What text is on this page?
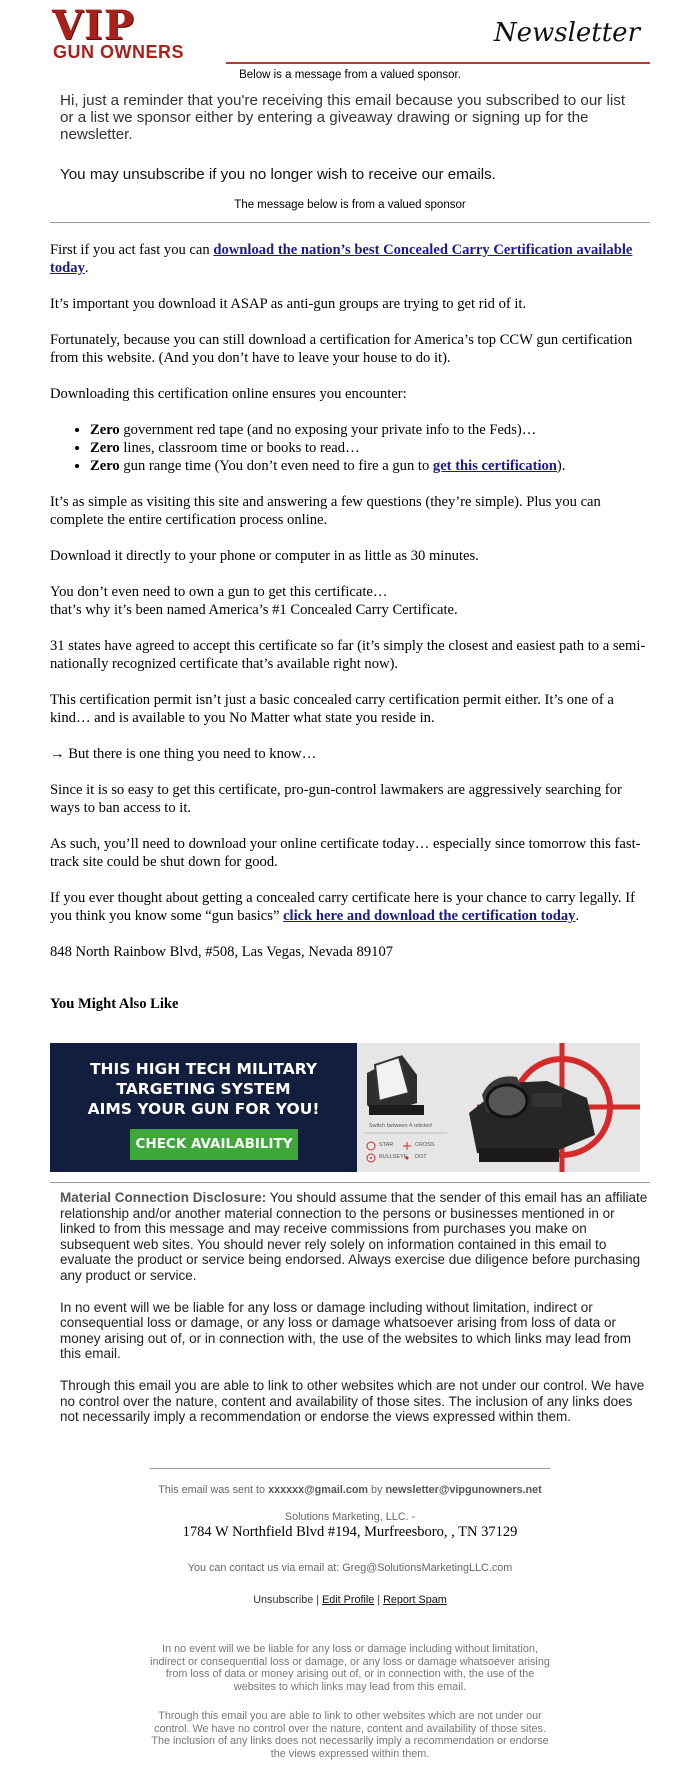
VIP
GUN OWNERS
Newsletter
Below is a message from a valued sponsor.
Hi, just a reminder that you're receiving this email because you subscribed to our list or a list we sponsor either by entering a giveaway drawing or signing up for the newsletter.
You may unsubscribe if you no longer wish to receive our emails.
The message below is from a valued sponsor

First if you act fast you can download the nation’s best Concealed Carry Certification available today.

It’s important you download it ASAP as anti-gun groups are trying to get rid of it.

Fortunately, because you can still download a certification for America’s top CCW gun certification from this website. (And you don’t have to leave your house to do it).

Downloading this certification online ensures you encounter:

• Zero government red tape (and no exposing your private info to the Feds)…
• Zero lines, classroom time or books to read…
• Zero gun range time (You don’t even need to fire a gun to get this certification).

It’s as simple as visiting this site and answering a few questions (they’re simple). Plus you can complete the entire certification process online.

Download it directly to your phone or computer in as little as 30 minutes.

You don’t even need to own a gun to get this certificate…
that’s why it’s been named America’s #1 Concealed Carry Certificate.

31 states have agreed to accept this certificate so far (it’s simply the closest and easiest path to a semi-nationally recognized certificate that’s available right now).

This certification permit isn’t just a basic concealed carry certification permit either. It’s one of a kind… and is available to you No Matter what state you reside in.

→ But there is one thing you need to know…

Since it is so easy to get this certificate, pro-gun-control lawmakers are aggressively searching for ways to ban access to it.

As such, you’ll need to download your online certificate today… especially since tomorrow this fast-track site could be shut down for good.

If you ever thought about getting a concealed carry certificate here is your chance to carry legally. If you think you know some “gun basics” click here and download the certification today.

848 North Rainbow Blvd, #508, Las Vegas, Nevada 89107

You Might Also Like
THIS HIGH TECH MILITARY
TARGETING SYSTEM
AIMS YOUR GUN FOR YOU!
CHECK AVAILABILITY
Switch between 4 reticles!
STAR	CROSS
BULLSEYE DOT

Material Connection Disclosure: You should assume that the sender of this email has an affiliate relationship and/or another material connection to the persons or businesses mentioned in or linked to from this message and may receive commissions from purchases you make on subsequent web sites. You should never rely solely on information contained in this email to evaluate the product or service being endorsed. Always exercise due diligence before purchasing any product or service.

In no event will we be liable for any loss or damage including without limitation, indirect or consequential loss or damage, or any loss or damage whatsoever arising from loss of data or money arising out of, or in connection with, the use of the websites to which links may lead from this email.

Through this email you are able to link to other websites which are not under our control. We have no control over the nature, content and availability of those sites. The inclusion of any links does not necessarily imply a recommendation or endorse the views expressed within them.

This email was sent to xxxxxx@gmail.com by newsletter@vipgunowners.net
Solutions Marketing, LLC. -
1784 W Northfield Blvd #194, Murfreesboro, , TN 37129
You can contact us via email at: Greg@SolutionsMarketingLLC.com
Unsubscribe | Edit Profile | Report Spam
In no event will we be liable for any loss or damage including without limitation, indirect or consequential loss or damage, or any loss or damage whatsoever arising from loss of data or money arising out of, or in connection with, the use of the websites to which links may lead from this email.
Through this email you are able to link to other websites which are not under our control. We have no control over the nature, content and availability of those sites. The inclusion of any links does not necessarily imply a recommendation or endorse the views expressed within them.
